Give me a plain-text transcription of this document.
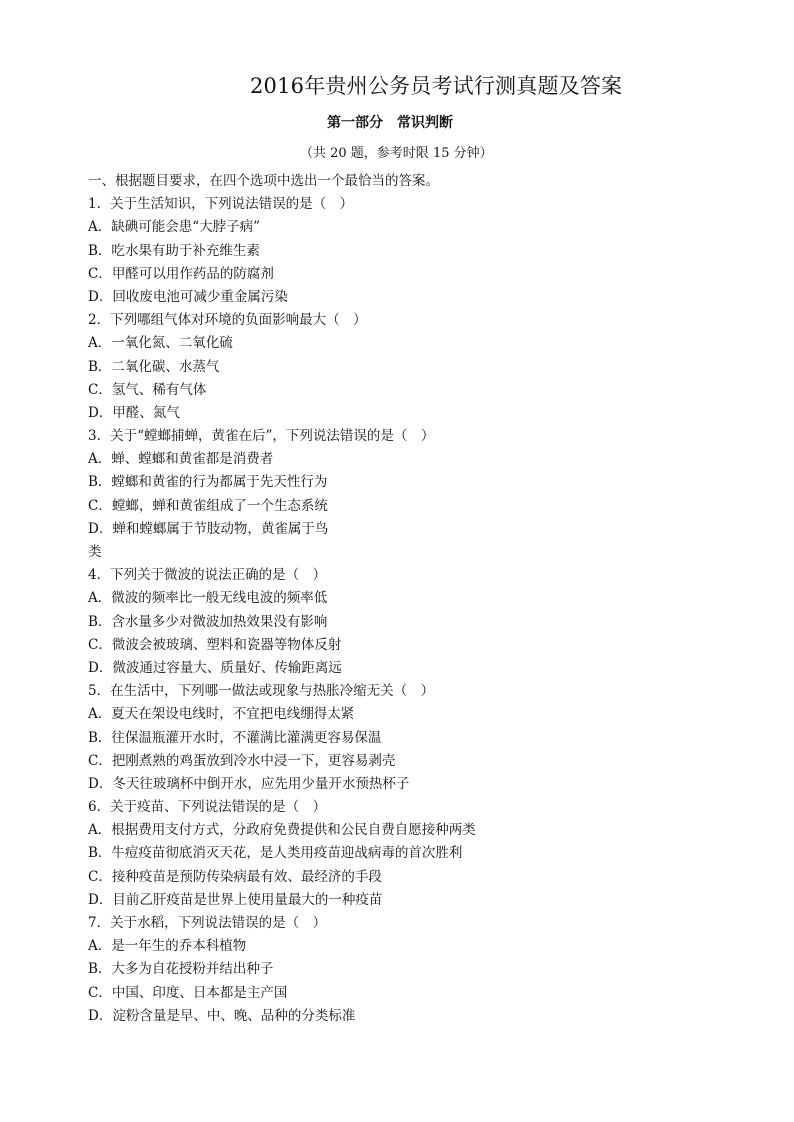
2016年贵州公务员考试行测真题及答案
第一部分　常识判断
（共 20 题，参考时限 15 分钟）
一、根据题目要求，在四个选项中选出一个最恰当的答案。
1．关于生活知识，下列说法错误的是（　）
A．缺碘可能会患“大脖子病”
B．吃水果有助于补充维生素
C．甲醛可以用作药品的防腐剂
D．回收废电池可减少重金属污染
2．下列哪组气体对环境的负面影响最大（　）
A．一氧化氮、二氧化硫
B．二氧化碳、水蒸气
C．氢气、稀有气体
D．甲醛、氮气
3．关于“螳螂捕蝉，黄雀在后”，下列说法错误的是（　）
A．蝉、螳螂和黄雀都是消费者
B．螳螂和黄雀的行为都属于先天性行为
C．螳螂，蝉和黄雀组成了一个生态系统
D．蝉和螳螂属于节肢动物，黄雀属于鸟
类
4．下列关于微波的说法正确的是（　）
A．微波的频率比一般无线电波的频率低
B．含水量多少对微波加热效果没有影响
C．微波会被玻璃、塑料和瓷器等物体反射
D．微波通过容量大、质量好、传输距离远
5．在生活中，下列哪一做法或现象与热胀冷缩无关（　）
A．夏天在架设电线时，不宜把电线绷得太紧
B．往保温瓶灌开水时，不灌满比灌满更容易保温
C．把刚煮熟的鸡蛋放到冷水中浸一下，更容易剥壳
D．冬天往玻璃杯中倒开水，应先用少量开水预热杯子
6．关于疫苗、下列说法错误的是（　）
A．根据费用支付方式，分政府免费提供和公民自费自愿接种两类
B．牛痘疫苗彻底消灭天花，是人类用疫苗迎战病毒的首次胜利
C．接种疫苗是预防传染病最有效、最经济的手段
D．目前乙肝疫苗是世界上使用量最大的一种疫苗
7．关于水稻，下列说法错误的是（　）
A．是一年生的乔本科植物
B．大多为自花授粉并结出种子
C．中国、印度、日本都是主产国
D．淀粉含量是早、中、晚、品种的分类标准
